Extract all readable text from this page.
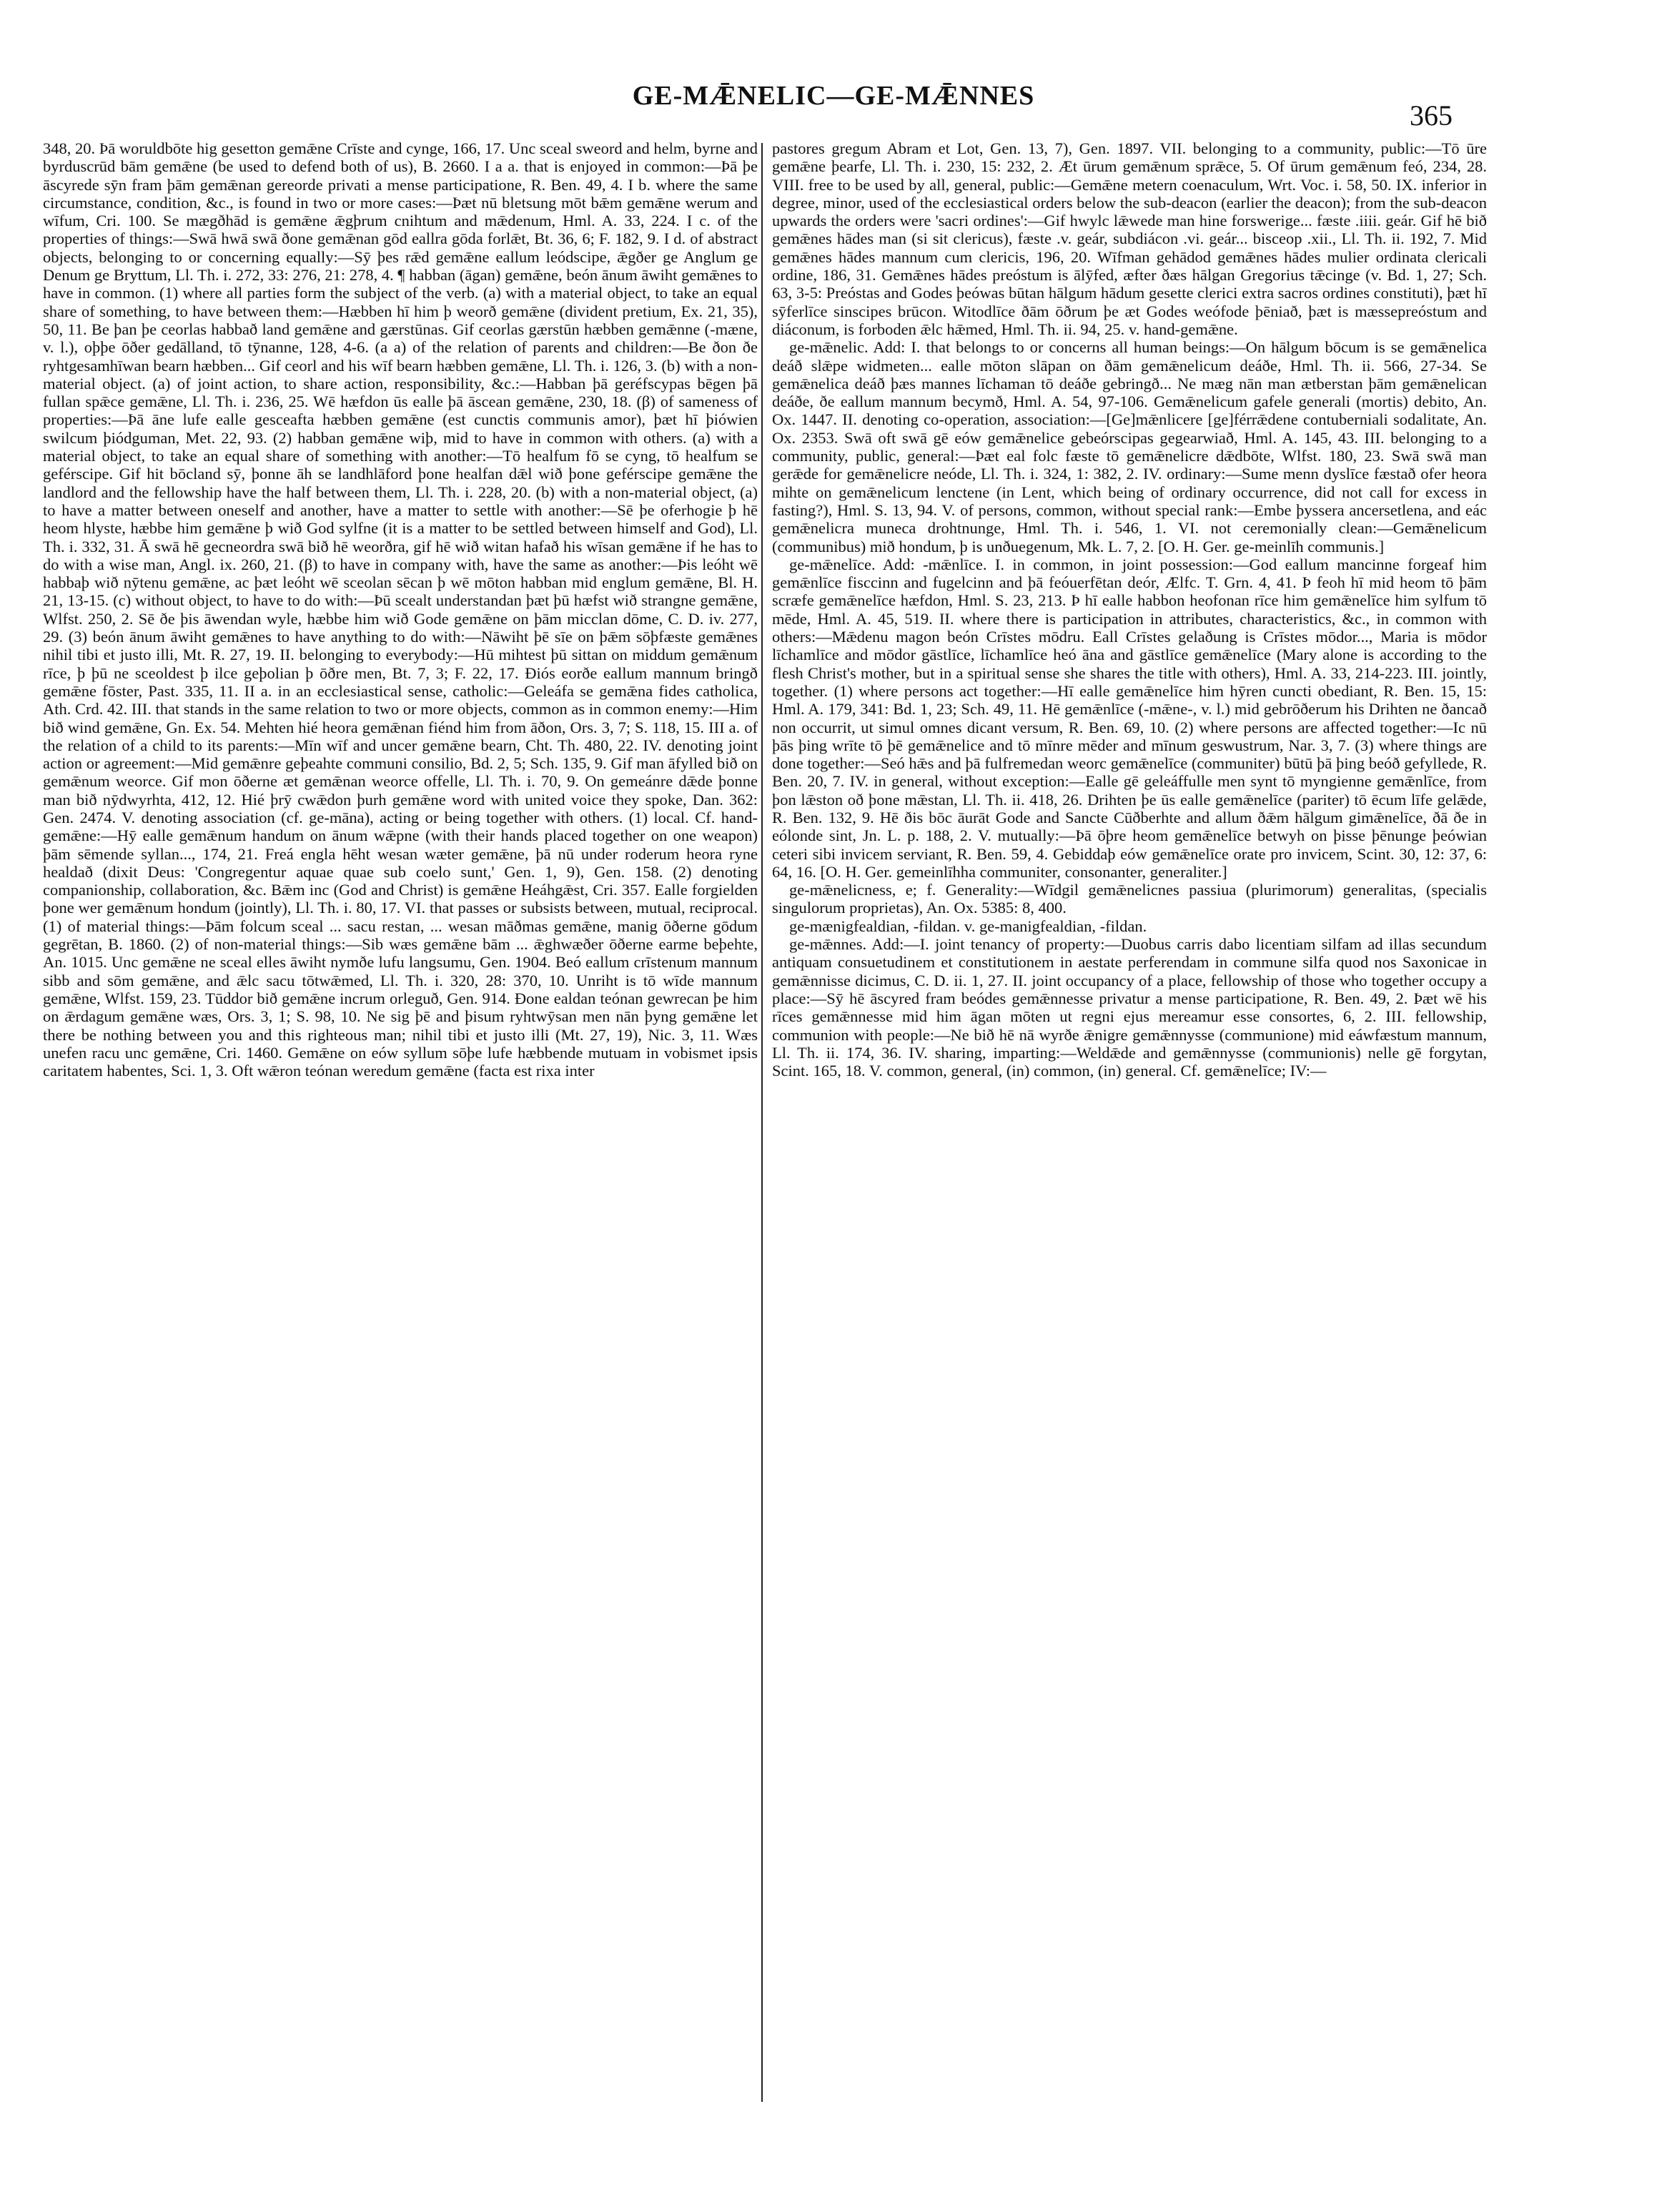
GE-MǢNELIC—GE-MǢNNES
365

348, 20. Þā woruldbōte hig gesetton gemǣne Crīste and cynge, 166, 17. Unc sceal sweord and helm, byrne and byrduscrūd bām gemǣne (be used to defend both of us), B. 2660. I a a. that is enjoyed in common:—Þā þe āscyrede sȳn fram þām gemǣnan gereorde privati a mense participatione, R. Ben. 49, 4. I b. where the same circumstance, condition, &c., is found in two or more cases:—Þæt nū bletsung mōt bǣm gemǣne werum and wīfum, Cri. 100. Se mægðhād is gemǣne ǣgþrum cnihtum and mǣdenum, Hml. A. 33, 224. I c. of the properties of things:—Swā hwā swā ðone gemǣnan gōd eallra gōda forlǣt, Bt. 36, 6; F. 182, 9. I d. of abstract objects, belonging to or concerning equally:—Sȳ þes rǣd gemǣne eallum leódscipe, ǣgðer ge Anglum ge Denum ge Bryttum, Ll. Th. i. 272, 33: 276, 21: 278, 4. ¶ habban (āgan) gemǣne, beón ānum āwiht gemǣnes to have in common. (1) where all parties form the subject of the verb. (a) with a material object, to take an equal share of something, to have between them:—Hæbben hī him þ weorð gemǣne (divident pretium, Ex. 21, 35), 50, 11. Be þan þe ceorlas habbað land gemǣne and gærstūnas. Gif ceorlas gærstūn hæbben gemǣnne (-mæne, v. l.), oþþe ōðer gedālland, tō tȳnanne, 128, 4-6. (a a) of the relation of parents and children:—Be ðon ðe ryhtgesamhīwan bearn hæbben... Gif ceorl and his wīf bearn hæbben gemǣne, Ll. Th. i. 126, 3. (b) with a non-material object. (a) of joint action, to share action, responsibility, &c.:—Habban þā geréfscypas bēgen þā fullan spǣce gemǣne, Ll. Th. i. 236, 25. Wē hæfdon ūs ealle þā āscean gemǣne, 230, 18. (β) of sameness of properties:—Þā āne lufe ealle gesceafta hæbben gemǣne (est cunctis communis amor), þæt hī þiówien swilcum þiódguman, Met. 22, 93. (2) habban gemǣne wiþ, mid to have in common with others. (a) with a material object, to take an equal share of something with another:—Tō healfum fō se cyng, tō healfum se geférscipe. Gif hit bōcland sȳ, þonne āh se landhlāford þone healfan dǣl wið þone geférscipe gemǣne the landlord and the fellowship have the half between them, Ll. Th. i. 228, 20. (b) with a non-material object, (a) to have a matter between oneself and another, have a matter to settle with another:—Sē þe oferhogie þ hē heom hlyste, hæbbe him gemǣne þ wið God sylfne (it is a matter to be settled between himself and God), Ll. Th. i. 332, 31. Ā swā hē gecneordra swā bið hē weorðra, gif hē wið witan hafað his wīsan gemǣne if he has to do with a wise man, Angl. ix. 260, 21. (β) to have in company with, have the same as another:—Þis leóht wē habbaþ wið nȳtenu gemǣne, ac þæt leóht wē sceolan sēcan þ wē mōton habban mid englum gemǣne, Bl. H. 21, 13-15. (c) without object, to have to do with:—Þū scealt understandan þæt þū hæfst wið strangne gemǣne, Wlfst. 250, 2. Sē ðe þis āwendan wyle, hæbbe him wið Gode gemǣne on þām micclan dōme, C. D. iv. 277, 29. (3) beón ānum āwiht gemǣnes to have anything to do with:—Nāwiht þē sīe on þǣm sōþfæste gemǣnes nihil tibi et justo illi, Mt. R. 27, 19. II. belonging to everybody:—Hū mihtest þū sittan on middum gemǣnum rīce, þ þū ne sceoldest þ ilce geþolian þ ōðre men, Bt. 7, 3; F. 22, 17. Ðiós eorðe eallum mannum bringð gemǣne fōster, Past. 335, 11. II a. in an ecclesiastical sense, catholic:—Geleáfa se gemǣna fides catholica, Ath. Crd. 42. III. that stands in the same relation to two or more objects, common as in common enemy:—Him bið wind gemǣne, Gn. Ex. 54. Mehten hié heora gemǣnan fiénd him from āðon, Ors. 3, 7; S. 118, 15. III a. of the relation of a child to its parents:—Mīn wīf and uncer gemǣne bearn, Cht. Th. 480, 22. IV. denoting joint action or agreement:—Mid gemǣnre geþeahte communi consilio, Bd. 2, 5; Sch. 135, 9. Gif man āfylled bið on gemǣnum weorce. Gif mon ōðerne æt gemǣnan weorce offelle, Ll. Th. i. 70, 9. On gemeánre dǣde þonne man bið nȳdwyrhta, 412, 12. Hié þrȳ cwǣdon þurh gemǣne word with united voice they spoke, Dan. 362: Gen. 2474. V. denoting association (cf. ge-māna), acting or being together with others. (1) local. Cf. hand-gemǣne:—Hȳ ealle gemǣnum handum on ānum wǣpne (with their hands placed together on one weapon) þām sēmende syllan..., 174, 21. Freá engla hēht wesan wæter gemǣne, þā nū under roderum heora ryne healdað (dixit Deus: 'Congregentur aquae quae sub coelo sunt,' Gen. 1, 9), Gen. 158. (2) denoting companionship, collaboration, &c. Bǣm inc (God and Christ) is gemǣne Heáhgǣst, Cri. 357. Ealle forgielden þone wer gemǣnum hondum (jointly), Ll. Th. i. 80, 17. VI. that passes or subsists between, mutual, reciprocal. (1) of material things:—Þām folcum sceal ... sacu restan, ... wesan māðmas gemǣne, manig ōðerne gōdum gegrētan, B. 1860. (2) of non-material things:—Sib wæs gemǣne bām ... ǣghwæðer ōðerne earme beþehte, An. 1015. Unc gemǣne ne sceal elles āwiht nymðe lufu langsumu, Gen. 1904. Beó eallum crīstenum mannum sibb and sōm gemǣne, and ǣlc sacu tōtwǣmed, Ll. Th. i. 320, 28: 370, 10. Unriht is tō wīde mannum gemǣne, Wlfst. 159, 23. Tūddor bið gemǣne incrum orleguð, Gen. 914. Ðone ealdan teónan gewrecan þe him on ǣrdagum gemǣne wæs, Ors. 3, 1; S. 98, 10. Ne sig þē and þisum ryhtwȳsan men nān þyng gemǣne let there be nothing between you and this righteous man; nihil tibi et justo illi (Mt. 27, 19), Nic. 3, 11. Wæs unefen racu unc gemǣne, Cri. 1460. Gemǣne on eów syllum sōþe lufe hæbbende mutuam in vobismet ipsis caritatem habentes, Sci. 1, 3. Oft wǣron teónan weredum gemǣne (facta est rixa inter

pastores gregum Abram et Lot, Gen. 13, 7), Gen. 1897. VII. belonging to a community, public:—Tō ūre gemǣne þearfe, Ll. Th. i. 230, 15: 232, 2. Æt ūrum gemǣnum sprǣce, 5. Of ūrum gemǣnum feó, 234, 28. VIII. free to be used by all, general, public:—Gemǣne metern coenaculum, Wrt. Voc. i. 58, 50. IX. inferior in degree, minor, used of the ecclesiastical orders below the sub-deacon (earlier the deacon); from the sub-deacon upwards the orders were 'sacri ordines':—Gif hwylc lǣwede man hine forswerige... fæste .iiii. geár. Gif hē bið gemǣnes hādes man (si sit clericus), fæste .v. geár, subdiácon .vi. geár... bisceop .xii., Ll. Th. ii. 192, 7. Mid gemǣnes hādes mannum cum clericis, 196, 20. Wīfman gehādod gemǣnes hādes mulier ordinata clericali ordine, 186, 31. Gemǣnes hādes preóstum is ālȳfed, æfter ðæs hālgan Gregorius tǣcinge (v. Bd. 1, 27; Sch. 63, 3-5: Preóstas and Godes þeówas būtan hālgum hādum gesette clerici extra sacros ordines constituti), þæt hī sȳferlīce sinscipes brūcon. Witodlīce ðām ōðrum þe æt Godes weófode þēniað, þæt is mæssepreóstum and diáconum, is forboden ǣlc hǣmed, Hml. Th. ii. 94, 25. v. hand-gemǣne.

ge-mǣnelic. Add: I. that belongs to or concerns all human beings:—On hālgum bōcum is se gemǣnelica deáð slǣpe widmeten... ealle mōton slāpan on ðām gemǣnelicum deáðe, Hml. Th. ii. 566, 27-34. Se gemǣnelica deáð þæs mannes līchaman tō deáðe gebringð... Ne mæg nān man ætberstan þām gemǣnelican deáðe, ðe eallum mannum becymð, Hml. A. 54, 97-106. Gemǣnelicum gafele generali (mortis) debito, An. Ox. 1447. II. denoting co-operation, association:—[Ge]mǣnlicere [ge]férrǣdene contuberniali sodalitate, An. Ox. 2353. Swā oft swā gē eów gemǣnelice gebeórscipas gegearwiað, Hml. A. 145, 43. III. belonging to a community, public, general:—Þæt eal folc fæste tō gemǣnelicre dǣdbōte, Wlfst. 180, 23. Swā swā man gerǣde for gemǣnelicre neóde, Ll. Th. i. 324, 1: 382, 2. IV. ordinary:—Sume menn dyslīce fæstað ofer heora mihte on gemǣnelicum lenctene (in Lent, which being of ordinary occurrence, did not call for excess in fasting?), Hml. S. 13, 94. V. of persons, common, without special rank:—Embe þyssera ancersetlena, and eác gemǣnelicra muneca drohtnunge, Hml. Th. i. 546, 1. VI. not ceremonially clean:—Gemǣnelicum (communibus) mið hondum, þ is unðuegenum, Mk. L. 7, 2. [O. H. Ger. ge-meinlīh communis.]

ge-mǣnelīce. Add: -mǣnlīce. I. in common, in joint possession:—God eallum mancinne forgeaf him gemǣnlīce fisccinn and fugelcinn and þā feóuerfētan deór, Ælfc. T. Grn. 4, 41. Þ feoh hī mid heom tō þām scræfe gemǣnelīce hæfdon, Hml. S. 23, 213. Þ hī ealle habbon heofonan rīce him gemǣnelīce him sylfum tō mēde, Hml. A. 45, 519. II. where there is participation in attributes, characteristics, &c., in common with others:—Mǣdenu magon beón Crīstes mōdru. Eall Crīstes gelaðung is Crīstes mōdor..., Maria is mōdor līchamlīce and mōdor gāstlīce, līchamlīce heó āna and gāstlīce gemǣnelīce (Mary alone is according to the flesh Christ's mother, but in a spiritual sense she shares the title with others), Hml. A. 33, 214-223. III. jointly, together. (1) where persons act together:—Hī ealle gemǣnelīce him hȳren cuncti obediant, R. Ben. 15, 15: Hml. A. 179, 341: Bd. 1, 23; Sch. 49, 11. Hē gemǣnlīce (-mǣne-, v. l.) mid gebrōðerum his Drihten ne ðancað non occurrit, ut simul omnes dicant versum, R. Ben. 69, 10. (2) where persons are affected together:—Ic nū þās þing wrīte tō þē gemǣnelice and tō mīnre mēder and mīnum geswustrum, Nar. 3, 7. (3) where things are done together:—Seó hǣs and þā fulfremedan weorc gemǣnelīce (communiter) būtū þā þing beóð gefyllede, R. Ben. 20, 7. IV. in general, without exception:—Ealle gē geleáffulle men synt tō myngienne gemǣnlīce, from þon lǣston oð þone mǣstan, Ll. Th. ii. 418, 26. Drihten þe ūs ealle gemǣnelīce (pariter) tō ēcum līfe gelǣde, R. Ben. 132, 9. Hē ðis bōc āurāt Gode and Sancte Cūðberhte and allum ðǣm hālgum gimǣnelīce, ðā ðe in eólonde sint, Jn. L. p. 188, 2. V. mutually:—Þā ōþre heom gemǣnelīce betwyh on þisse þēnunge þeówian ceteri sibi invicem serviant, R. Ben. 59, 4. Gebiddaþ eów gemǣnelīce orate pro invicem, Scint. 30, 12: 37, 6: 64, 16. [O. H. Ger. gemeinlīhha communiter, consonanter, generaliter.]

ge-mǣneliсness, e; f. Generality:—Wīdgil gemǣnelicnes passiua (plurimorum) generalitas, (specialis singulorum proprietas), An. Ox. 5385: 8, 400.

ge-mænigfealdian, -fildan. v. ge-manigfealdian, -fildan.

ge-mǣnnes. Add:—I. joint tenancy of property:—Duobus carris dabo licentiam silfam ad illas secundum antiquam consuetudinem et constitutionem in aestate perferendam in commune silfa quod nos Saxonicae in gemǣnnisse dicimus, C. D. ii. 1, 27. II. joint occupancy of a place, fellowship of those who together occupy a place:—Sȳ hē āscyred fram beódes gemǣnnesse privatur a mense participatione, R. Ben. 49, 2. Þæt wē his rīces gemǣnnesse mid him āgan mōten ut regni ejus mereamur esse consortes, 6, 2. III. fellowship, communion with people:—Ne bið hē nā wyrðe ǣnigre gemǣnnysse (communione) mid eáwfæstum mannum, Ll. Th. ii. 174, 36. IV. sharing, imparting:—Weldǣde and gemǣnnysse (communionis) nelle gē forgytan, Scint. 165, 18. V. common, general, (in) common, (in) general. Cf. gemǣnelīce; IV:—
